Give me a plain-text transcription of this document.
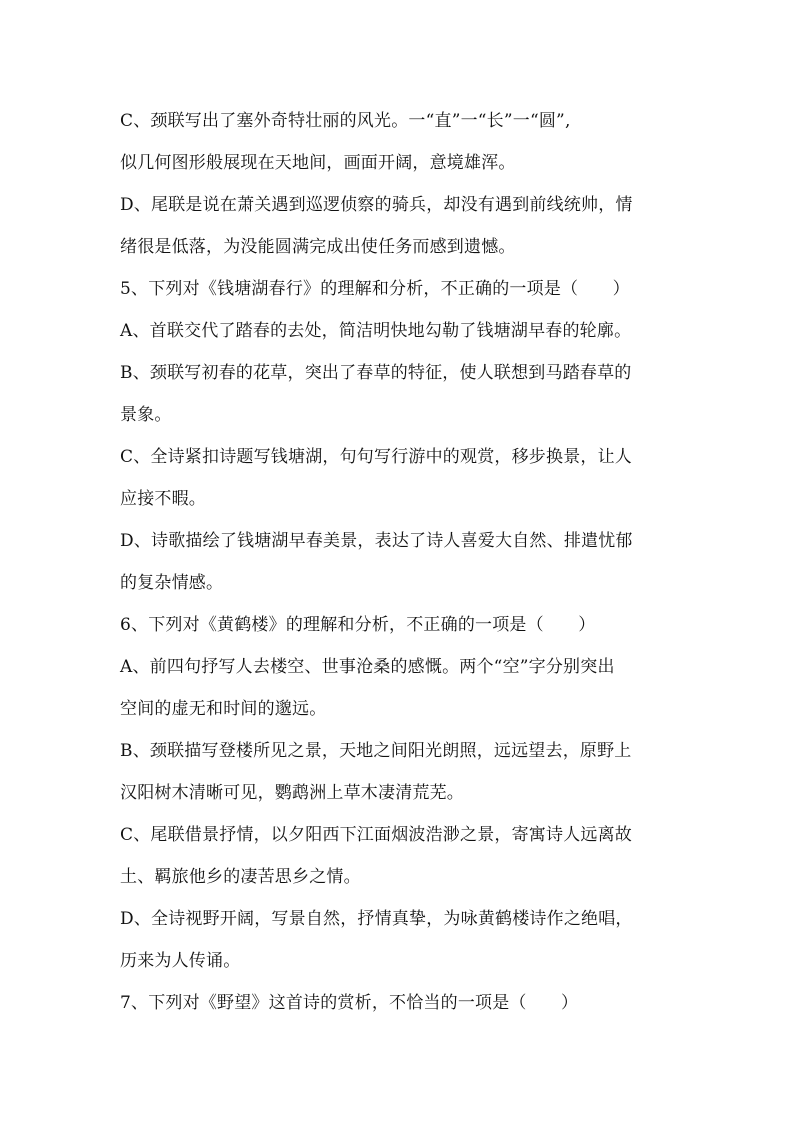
C、颈联写出了塞外奇特壮丽的风光。一“直”一“长”一“圆”,
似几何图形般展现在天地间，画面开阔，意境雄浑。
D、尾联是说在萧关遇到巡逻侦察的骑兵，却没有遇到前线统帅，情
绪很是低落，为没能圆满完成出使任务而感到遗憾。
5、下列对《钱塘湖春行》的理解和分析，不正确的一项是（　　）
A、首联交代了踏春的去处，简洁明快地勾勒了钱塘湖早春的轮廓。
B、颈联写初春的花草，突出了春草的特征，使人联想到马踏春草的
景象。
C、全诗紧扣诗题写钱塘湖，句句写行游中的观赏，移步换景，让人
应接不暇。
D、诗歌描绘了钱塘湖早春美景，表达了诗人喜爱大自然、排遣忧郁
的复杂情感。
6、下列对《黄鹤楼》的理解和分析，不正确的一项是（　　）
A、前四句抒写人去楼空、世事沧桑的感慨。两个“空”字分别突出
空间的虚无和时间的邈远。
B、颈联描写登楼所见之景，天地之间阳光朗照，远远望去，原野上
汉阳树木清晰可见，鹦鹉洲上草木凄清荒芜。
C、尾联借景抒情，以夕阳西下江面烟波浩渺之景，寄寓诗人远离故
土、羁旅他乡的凄苦思乡之情。
D、全诗视野开阔，写景自然，抒情真挚，为咏黄鹤楼诗作之绝唱，
历来为人传诵。
7、下列对《野望》这首诗的赏析，不恰当的一项是（　　）
